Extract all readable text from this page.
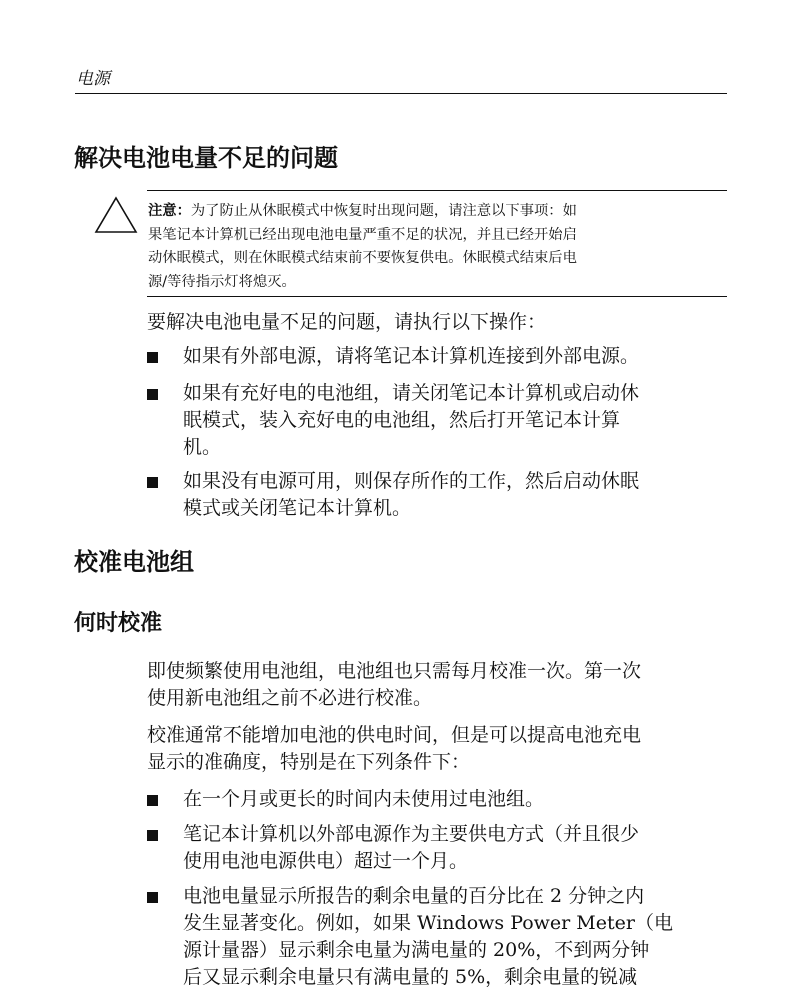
电源
解决电池电量不足的问题
注意：为了防止从休眠模式中恢复时出现问题，请注意以下事项：如
果笔记本计算机已经出现电池电量严重不足的状况，并且已经开始启
动休眠模式，则在休眠模式结束前不要恢复供电。休眠模式结束后电
源/等待指示灯将熄灭。
要解决电池电量不足的问题，请执行以下操作：
如果有外部电源，请将笔记本计算机连接到外部电源。
如果有充好电的电池组，请关闭笔记本计算机或启动休
眠模式，装入充好电的电池组，然后打开笔记本计算
机。
如果没有电源可用，则保存所作的工作，然后启动休眠
模式或关闭笔记本计算机。
校准电池组
何时校准
即使频繁使用电池组，电池组也只需每月校准一次。第一次
使用新电池组之前不必进行校准。
校准通常不能增加电池的供电时间，但是可以提高电池充电
显示的准确度，特别是在下列条件下：
在一个月或更长的时间内未使用过电池组。
笔记本计算机以外部电源作为主要供电方式（并且很少
使用电池电源供电）超过一个月。
电池电量显示所报告的剩余电量的百分比在 2 分钟之内
发生显著变化。例如，如果 Windows Power Meter（电
源计量器）显示剩余电量为满电量的 20%，不到两分钟
后又显示剩余电量只有满电量的 5%，剩余电量的锐减
